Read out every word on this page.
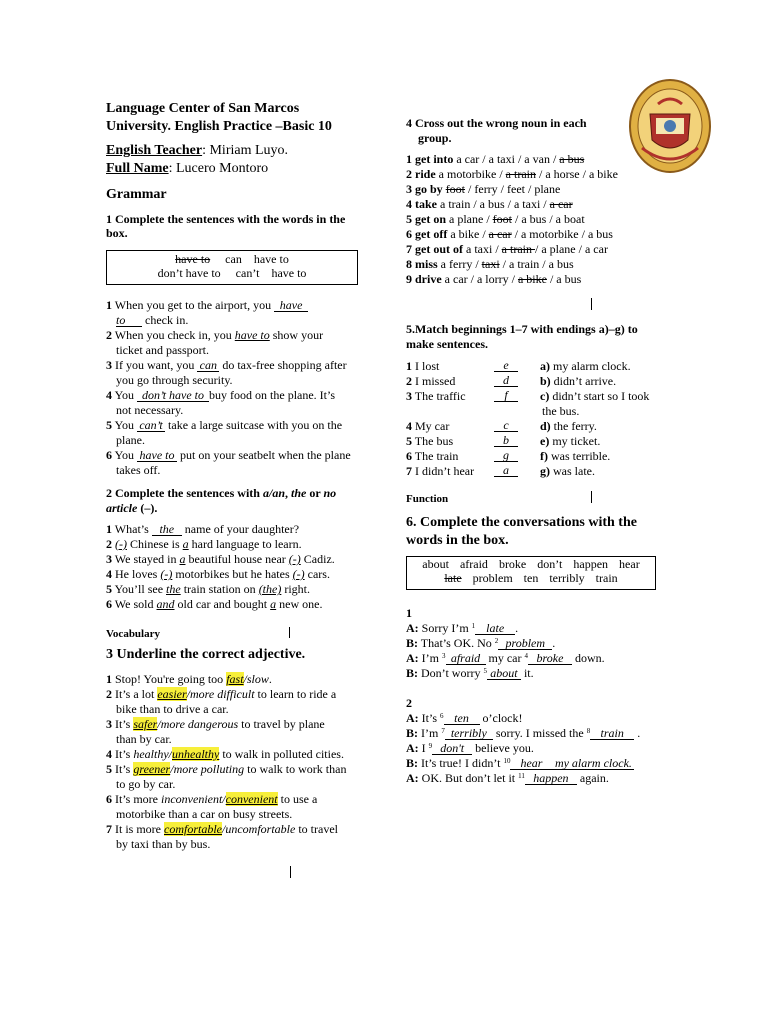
Language Center of San Marcos
University. English Practice –Basic 10
English Teacher: Miriam Luyo.
Full Name: Lucero Montoro
Grammar
1 Complete the sentences with the words in the box.
have to can have to
don’t have to can’t have to
1 When you get to the airport, you have
to check in.
2 When you check in, you have to show your
ticket and passport.
3 If you want, you can do tax-free shopping after
you go through security.
4 You don’t have tobuy food on the plane. It’s
not necessary.
5 You can’t take a large suitcase with you on the
plane.
6 You have to put on your seatbelt when the plane
takes off.
2 Complete the sentences with a/an, the or no
article (–).
1 What’s the name of your daughter?
2 (-) Chinese is a hard language to learn.
3 We stayed in a beautiful house near (-) Cadiz.
4 He loves (-) motorbikes but he hates (-) cars.
5 You’ll see the train station on (the) right.
6 We sold and old car and bought a new one.
Vocabulary
3 Underline the correct adjective.
1 Stop! You're going too fast/slow.
2 It’s a lot easier/more difficult to learn to ride a
bike than to drive a car.
3 It’s safer/more dangerous to travel by plane
than by car.
4 It’s healthy/unhealthy to walk in polluted cities.
5 It’s greener/more polluting to walk to work than
to go by car.
6 It’s more inconvenient/convenient to use a
motorbike than a car on busy streets.
7 It is more comfortable/uncomfortable to travel
by taxi than by bus.
4 Cross out the wrong noun in each
group.
1 get into a car / a taxi / a van / a bus
2 ride a motorbike / a train / a horse / a bike
3 go by foot / ferry / feet / plane
4 take a train / a bus / a taxi / a car
5 get on a plane / foot / a bus / a boat
6 get off a bike / a car / a motorbike / a bus
7 get out of a taxi / a train / a plane / a car
8 miss a ferry / taxi / a train / a bus
9 drive a car / a lorry / a bike / a bus
5.Match beginnings 1–7 with endings a)–g) to
make sentences.
1 I lost	e	a) my alarm clock.
2 I missed	d	b) didn’t arrive.
3 The traffic	f	c) didn’t start so I took
the bus.
4 My car	c	d) the ferry.
5 The bus	b	e) my ticket.
6 The train	g	f) was terrible.
7 I didn’t hear	a	g) was late.
Function
6. Complete the conversations with the
words in the box.
about afraid broke don’t happen hear
late problem ten terribly train
1
A: Sorry I’m $^1$ late.
B: That’s OK. No $^2$ problem.
A: I’m $^3$ afraid my car $^4$ broke down.
B: Don’t worry $^5$ about it.
2
A: It’s $^6$ ten o’clock!
B: I’m $^7$ terribly sorry. I missed the $^8$ train .
A: I $^9$ don't believe you.
B: It’s true! I didn’t $^{10}$ hear my alarm clock.
A: OK. But don’t let it $^{11}$ happen again.
